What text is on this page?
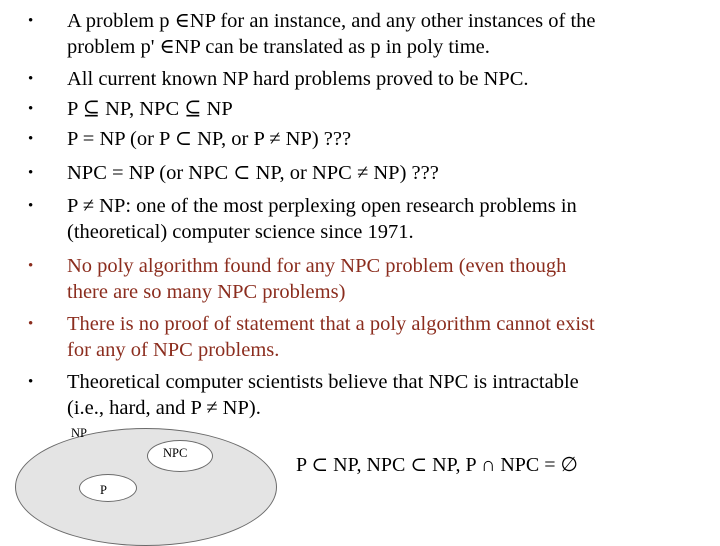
• A problem p ∈NP for an instance, and any other instances of the
problem p' ∈NP can be translated as p in poly time.
• All current known NP hard problems proved to be NPC.
• P ⊆ NP, NPC ⊆ NP
• P = NP (or P ⊂ NP, or P ≠ NP) ???
• NPC = NP (or NPC ⊂ NP, or NPC ≠ NP) ???
• P ≠ NP: one of the most perplexing open research problems in
(theoretical) computer science since 1971.
• No poly algorithm found for any NPC problem (even though
there are so many NPC problems)
• There is no proof of statement that a poly algorithm cannot exist
for any of NPC problems.
• Theoretical computer scientists believe that NPC is intractable
(i.e., hard, and P ≠ NP).
NP
NPC
P
P ⊂ NP, NPC ⊂ NP, P ∩ NPC = ∅
